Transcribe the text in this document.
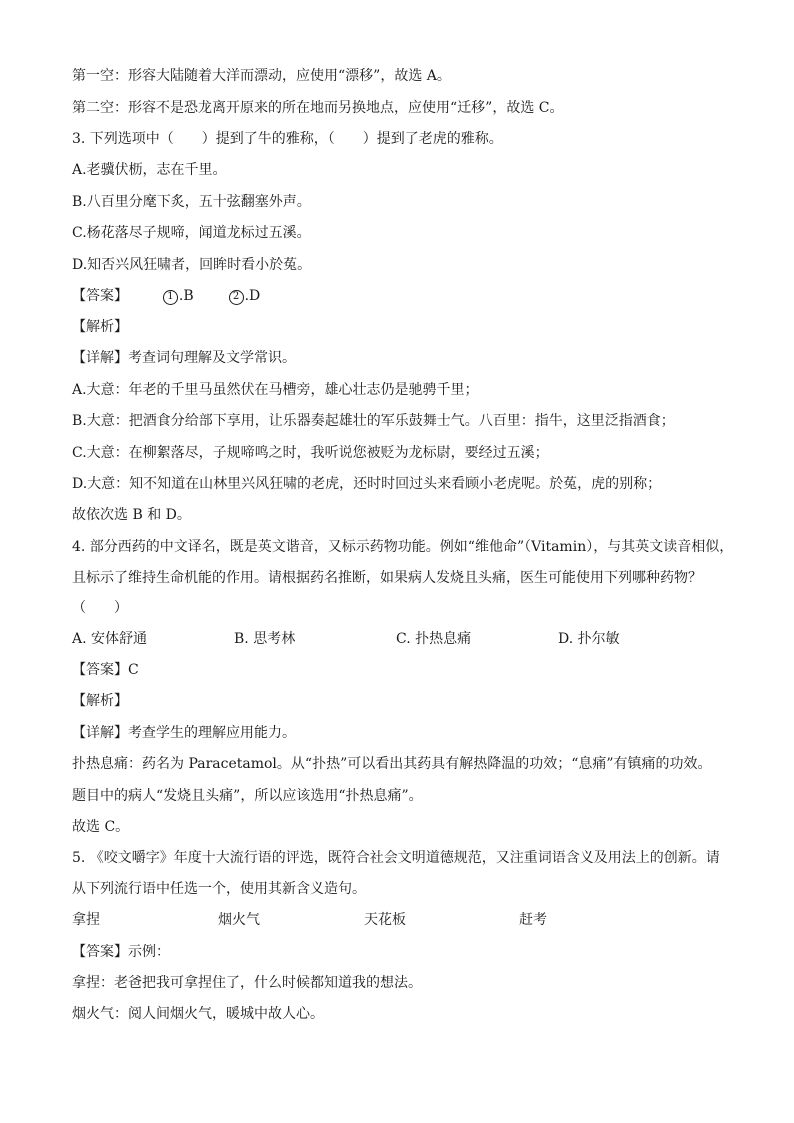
第一空：形容大陆随着大洋而漂动，应使用“漂移”，故选 A。
第二空：形容不是恐龙离开原来的所在地而另换地点，应使用“迁移”，故选 C。
3. 下列选项中（　　）提到了牛的雅称，（　　）提到了老虎的雅称。
A.老骥伏枥，志在千里。
B.八百里分麾下炙，五十弦翻塞外声。
C.杨花落尽子规啼，闻道龙标过五溪。
D.知否兴风狂啸者，回眸时看小於菟。
【答案】	1 .B	2 .D
【解析】
【详解】考查词句理解及文学常识。
A.大意：年老的千里马虽然伏在马槽旁，雄心壮志仍是驰骋千里；
B.大意：把酒食分给部下享用，让乐器奏起雄壮的军乐鼓舞士气。八百里：指牛，这里泛指酒食；
C.大意：在柳絮落尽，子规啼鸣之时，我听说您被贬为龙标尉，要经过五溪；
D.大意：知不知道在山林里兴风狂啸的老虎，还时时回过头来看顾小老虎呢。於菟，虎的别称；
故依次选 B 和 D。
4. 部分西药的中文译名，既是英文谐音，又标示药物功能。例如“维他命”（Vitamin），与其英文读音相似，
且标示了维持生命机能的作用。请根据药名推断，如果病人发烧且头痛，医生可能使用下列哪种药物？
（　　）
A. 安体舒通	B. 思考林	C. 扑热息痛	D. 扑尔敏
【答案】C
【解析】
【详解】考查学生的理解应用能力。
扑热息痛：药名为 Paracetamol。从“扑热”可以看出其药具有解热降温的功效；“息痛”有镇痛的功效。
题目中的病人“发烧且头痛”，所以应该选用“扑热息痛”。
故选 C。
5. 《咬文嚼字》年度十大流行语的评选，既符合社会文明道德规范，又注重词语含义及用法上的创新。请
从下列流行语中任选一个，使用其新含义造句。
拿捏	烟火气	天花板	赶考
【答案】示例：
拿捏：老爸把我可拿捏住了，什么时候都知道我的想法。
烟火气：阅人间烟火气，暖城中故人心。
